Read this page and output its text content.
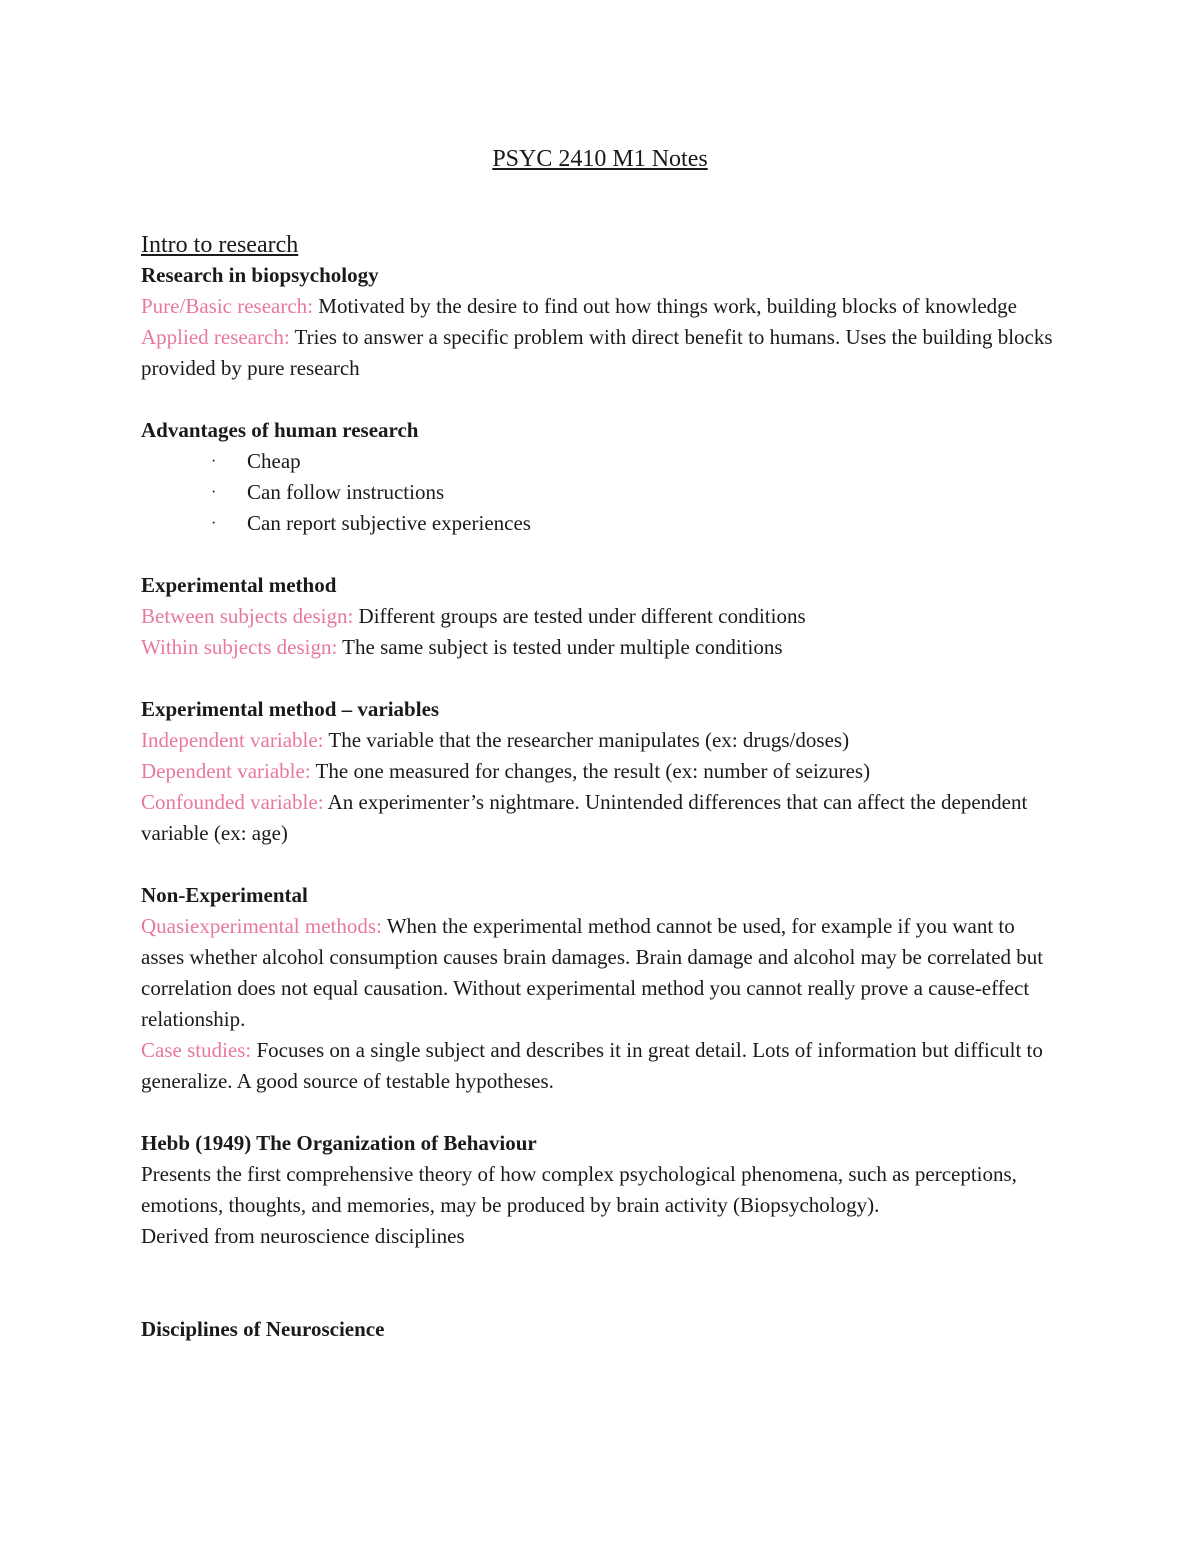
PSYC 2410 M1 Notes
Intro to research
Research in biopsychology

Pure/Basic research: Motivated by the desire to find out how things work, building blocks of knowledge

Applied research: Tries to answer a specific problem with direct benefit to humans. Uses the building blocks provided by pure research

Advantages of human research
· Cheap
· Can follow instructions
· Can report subjective experiences
Experimental method

Between subjects design: Different groups are tested under different conditions

Within subjects design: The same subject is tested under multiple conditions

Experimental method – variables

Independent variable: The variable that the researcher manipulates (ex: drugs/doses)

Dependent variable: The one measured for changes, the result (ex: number of seizures)

Confounded variable: An experimenter’s nightmare. Unintended differences that can affect the dependent variable (ex: age)

Non-Experimental

Quasiexperimental methods: When the experimental method cannot be used, for example if you want to asses whether alcohol consumption causes brain damages. Brain damage and alcohol may be correlated but correlation does not equal causation. Without experimental method you cannot really prove a cause-effect relationship.

Case studies: Focuses on a single subject and describes it in great detail. Lots of information but difficult to generalize. A good source of testable hypotheses.

Hebb (1949) The Organization of Behaviour

Presents the first comprehensive theory of how complex psychological phenomena, such as perceptions, emotions, thoughts, and memories, may be produced by brain activity (Biopsychology).

Derived from neuroscience disciplines

Disciplines of Neuroscience
